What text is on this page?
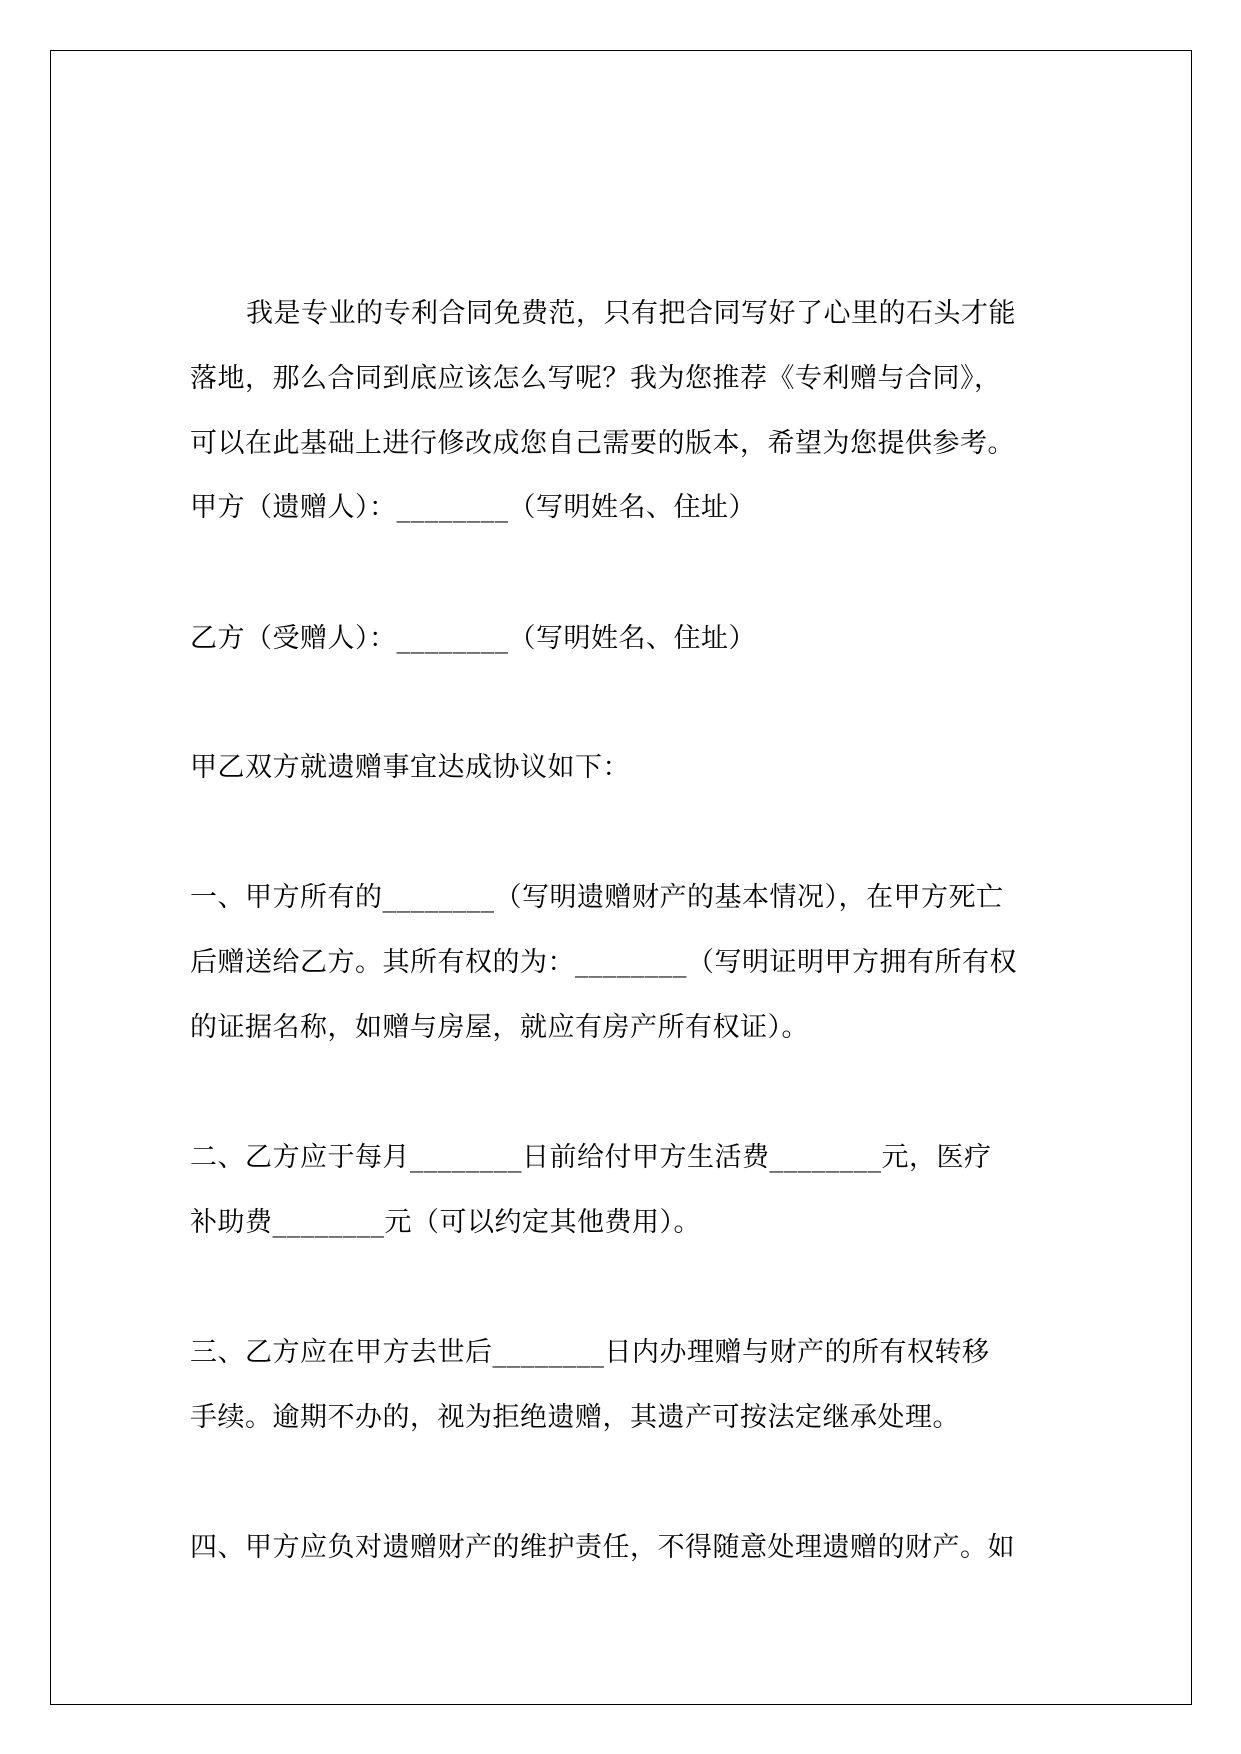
我是专业的专利合同免费范，只有把合同写好了心里的石头才能
落地，那么合同到底应该怎么写呢？我为您推荐《专利赠与合同》，
可以在此基础上进行修改成您自己需要的版本，希望为您提供参考。
甲方（遗赠人）：________（写明姓名、住址）
乙方（受赠人）：________（写明姓名、住址）
甲乙双方就遗赠事宜达成协议如下：
一、甲方所有的________（写明遗赠财产的基本情况），在甲方死亡
后赠送给乙方。其所有权的为：________（写明证明甲方拥有所有权
的证据名称，如赠与房屋，就应有房产所有权证）。
二、乙方应于每月________日前给付甲方生活费________元，医疗
补助费________元（可以约定其他费用）。
三、乙方应在甲方去世后________日内办理赠与财产的所有权转移
手续。逾期不办的，视为拒绝遗赠，其遗产可按法定继承处理。
四、甲方应负对遗赠财产的维护责任，不得随意处理遗赠的财产。如
